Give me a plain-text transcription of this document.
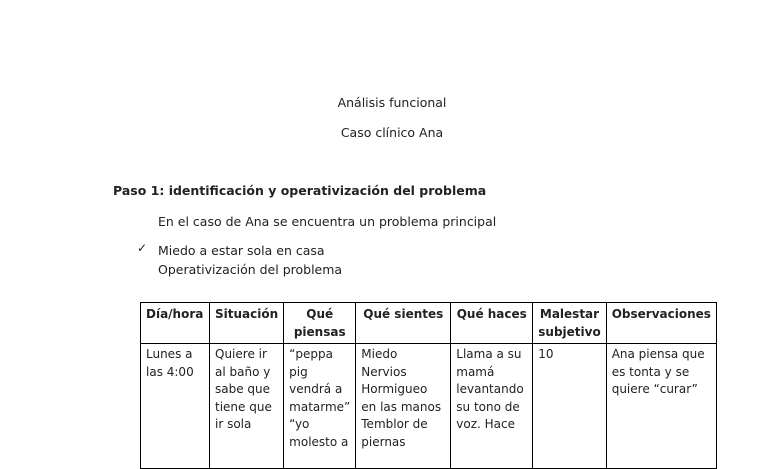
Análisis funcional
Caso clínico Ana
Paso 1: identificación y operativización del problema
En el caso de Ana se encuentra un problema principal
✓ Miedo a estar sola en casa
Operativización del problema
Día/hora	Situación	Qué piensas	Qué sientes	Qué haces	Malestar subjetivo	Observaciones
Lunes a las 4:00	Quiere ir al baño y sabe que tiene que ir sola	“peppa pig vendrá a matarme” “yo molesto a	Miedo Nervios Hormigueo en las manos Temblor de piernas	Llama a su mamá levantando su tono de voz. Hace	10	Ana piensa que es tonta y se quiere “curar”
